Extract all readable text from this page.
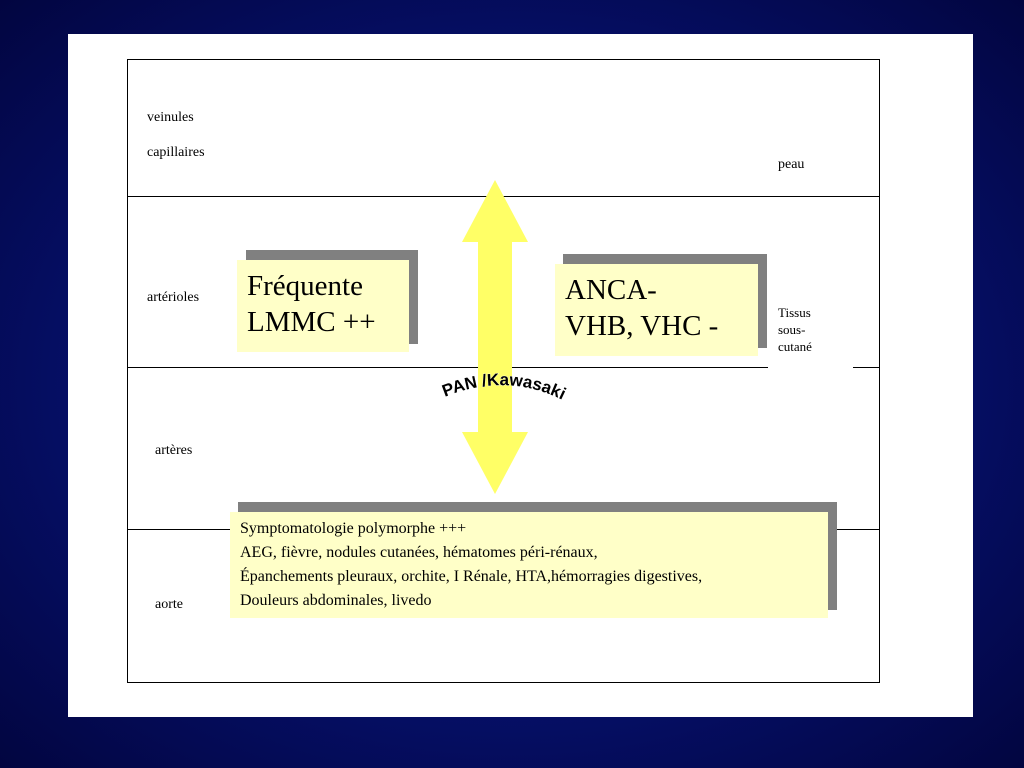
veinules
capillaires
peau
artérioles
artères
aorte
Tissus
sous-
cutané
PAN /Kawasaki
Fréquente
LMMC ++
ANCA-
VHB, VHC -
Symptomatologie polymorphe +++
AEG, fièvre, nodules cutanées, hématomes péri-rénaux,
Épanchements pleuraux, orchite, I Rénale, HTA,hémorragies digestives,
Douleurs abdominales, livedo
